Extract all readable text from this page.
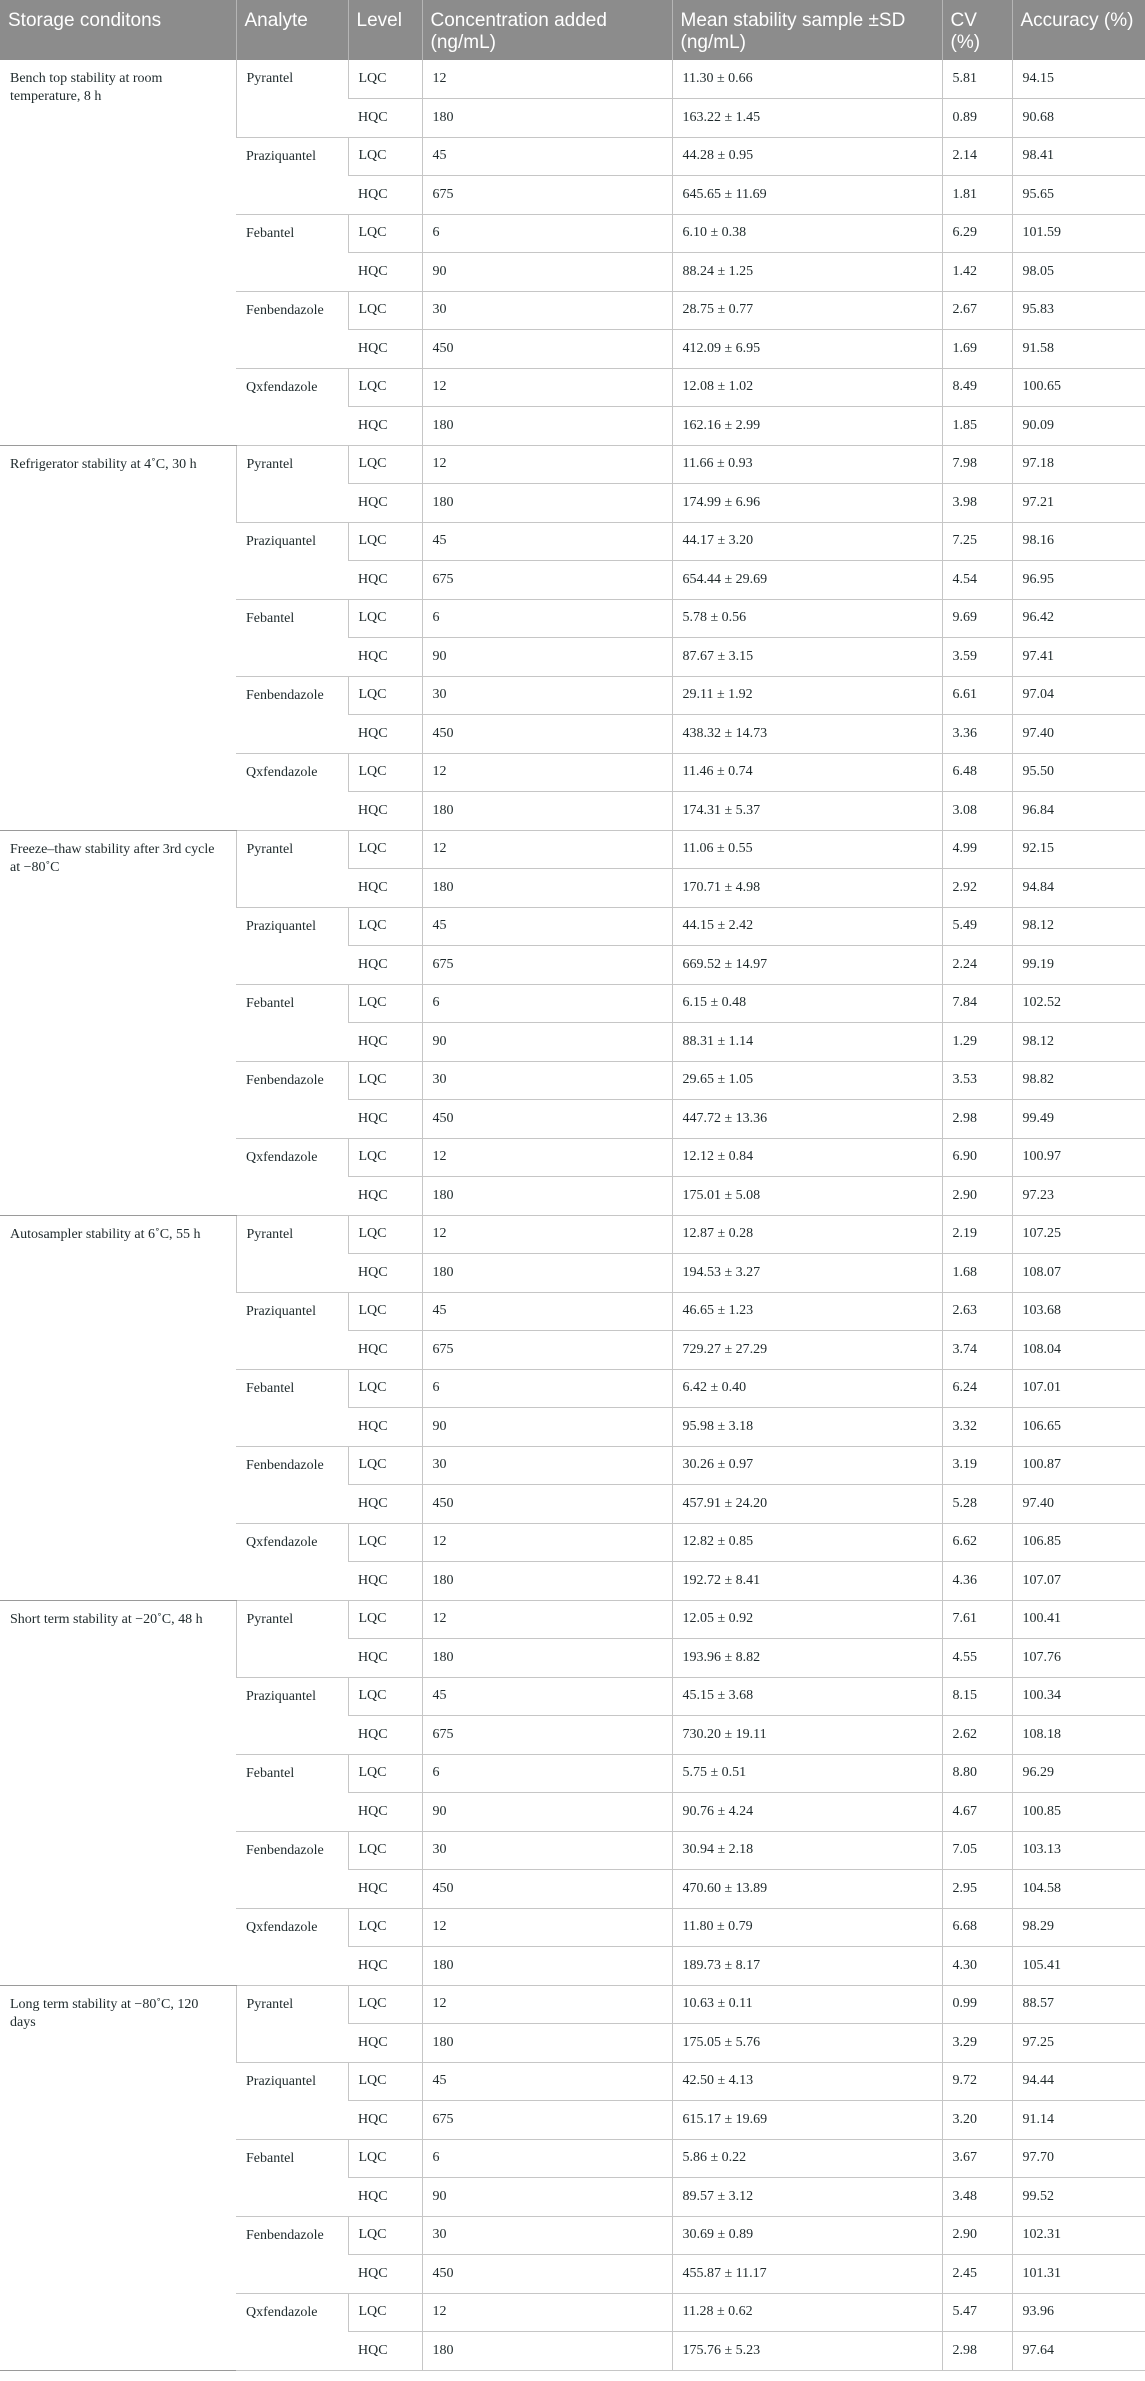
Storage conditons	Analyte	Level	Concentration added (ng/mL)	Mean stability sample ±SD (ng/mL)	CV (%)	Accuracy (%)
Bench top stability at room temperature, 8 h	Pyrantel	LQC	12	11.30 ± 0.66	5.81	94.15
		HQC	180	163.22 ± 1.45	0.89	90.68
	Praziquantel	LQC	45	44.28 ± 0.95	2.14	98.41
		HQC	675	645.65 ± 11.69	1.81	95.65
	Febantel	LQC	6	6.10 ± 0.38	6.29	101.59
		HQC	90	88.24 ± 1.25	1.42	98.05
	Fenbendazole	LQC	30	28.75 ± 0.77	2.67	95.83
		HQC	450	412.09 ± 6.95	1.69	91.58
	Qxfendazole	LQC	12	12.08 ± 1.02	8.49	100.65
		HQC	180	162.16 ± 2.99	1.85	90.09
Refrigerator stability at 4˚C, 30 h	Pyrantel	LQC	12	11.66 ± 0.93	7.98	97.18
		HQC	180	174.99 ± 6.96	3.98	97.21
	Praziquantel	LQC	45	44.17 ± 3.20	7.25	98.16
		HQC	675	654.44 ± 29.69	4.54	96.95
	Febantel	LQC	6	5.78 ± 0.56	9.69	96.42
		HQC	90	87.67 ± 3.15	3.59	97.41
	Fenbendazole	LQC	30	29.11 ± 1.92	6.61	97.04
		HQC	450	438.32 ± 14.73	3.36	97.40
	Qxfendazole	LQC	12	11.46 ± 0.74	6.48	95.50
		HQC	180	174.31 ± 5.37	3.08	96.84
Freeze–thaw stability after 3rd cycle at −80˚C	Pyrantel	LQC	12	11.06 ± 0.55	4.99	92.15
		HQC	180	170.71 ± 4.98	2.92	94.84
	Praziquantel	LQC	45	44.15 ± 2.42	5.49	98.12
		HQC	675	669.52 ± 14.97	2.24	99.19
	Febantel	LQC	6	6.15 ± 0.48	7.84	102.52
		HQC	90	88.31 ± 1.14	1.29	98.12
	Fenbendazole	LQC	30	29.65 ± 1.05	3.53	98.82
		HQC	450	447.72 ± 13.36	2.98	99.49
	Qxfendazole	LQC	12	12.12 ± 0.84	6.90	100.97
		HQC	180	175.01 ± 5.08	2.90	97.23
Autosampler stability at 6˚C, 55 h	Pyrantel	LQC	12	12.87 ± 0.28	2.19	107.25
		HQC	180	194.53 ± 3.27	1.68	108.07
	Praziquantel	LQC	45	46.65 ± 1.23	2.63	103.68
		HQC	675	729.27 ± 27.29	3.74	108.04
	Febantel	LQC	6	6.42 ± 0.40	6.24	107.01
		HQC	90	95.98 ± 3.18	3.32	106.65
	Fenbendazole	LQC	30	30.26 ± 0.97	3.19	100.87
		HQC	450	457.91 ± 24.20	5.28	97.40
	Qxfendazole	LQC	12	12.82 ± 0.85	6.62	106.85
		HQC	180	192.72 ± 8.41	4.36	107.07
Short term stability at −20˚C, 48 h	Pyrantel	LQC	12	12.05 ± 0.92	7.61	100.41
		HQC	180	193.96 ± 8.82	4.55	107.76
	Praziquantel	LQC	45	45.15 ± 3.68	8.15	100.34
		HQC	675	730.20 ± 19.11	2.62	108.18
	Febantel	LQC	6	5.75 ± 0.51	8.80	96.29
		HQC	90	90.76 ± 4.24	4.67	100.85
	Fenbendazole	LQC	30	30.94 ± 2.18	7.05	103.13
		HQC	450	470.60 ± 13.89	2.95	104.58
	Qxfendazole	LQC	12	11.80 ± 0.79	6.68	98.29
		HQC	180	189.73 ± 8.17	4.30	105.41
Long term stability at −80˚C, 120 days	Pyrantel	LQC	12	10.63 ± 0.11	0.99	88.57
		HQC	180	175.05 ± 5.76	3.29	97.25
	Praziquantel	LQC	45	42.50 ± 4.13	9.72	94.44
		HQC	675	615.17 ± 19.69	3.20	91.14
	Febantel	LQC	6	5.86 ± 0.22	3.67	97.70
		HQC	90	89.57 ± 3.12	3.48	99.52
	Fenbendazole	LQC	30	30.69 ± 0.89	2.90	102.31
		HQC	450	455.87 ± 11.17	2.45	101.31
	Qxfendazole	LQC	12	11.28 ± 0.62	5.47	93.96
		HQC	180	175.76 ± 5.23	2.98	97.64
